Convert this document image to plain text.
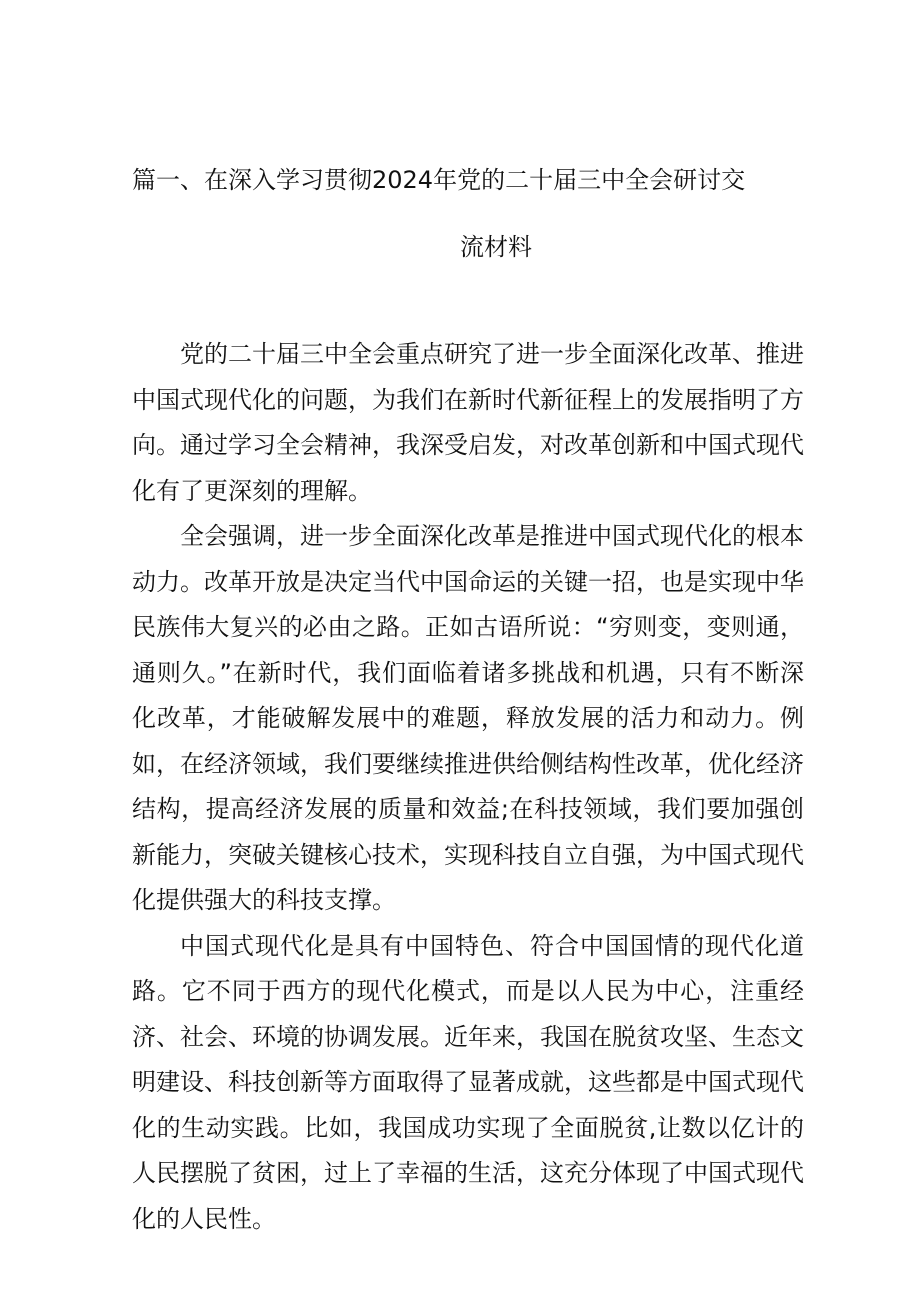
篇一、在深入学习贯彻2024年党的二十届三中全会研讨交
流材料

党的二十届三中全会重点研究了进一步全面深化改革、推进中国式现代化的问题，为我们在新时代新征程上的发展指明了方向。通过学习全会精神，我深受启发，对改革创新和中国式现代化有了更深刻的理解。

全会强调，进一步全面深化改革是推进中国式现代化的根本动力。改革开放是决定当代中国命运的关键一招，也是实现中华民族伟大复兴的必由之路。正如古语所说：“穷则变，变则通，通则久。”在新时代，我们面临着诸多挑战和机遇，只有不断深化改革，才能破解发展中的难题，释放发展的活力和动力。例如，在经济领域，我们要继续推进供给侧结构性改革，优化经济结构，提高经济发展的质量和效益;在科技领域，我们要加强创新能力，突破关键核心技术，实现科技自立自强，为中国式现代化提供强大的科技支撑。

中国式现代化是具有中国特色、符合中国国情的现代化道路。它不同于西方的现代化模式，而是以人民为中心，注重经济、社会、环境的协调发展。近年来，我国在脱贫攻坚、生态文明建设、科技创新等方面取得了显著成就，这些都是中国式现代化的生动实践。比如，我国成功实现了全面脱贫,让数以亿计的人民摆脱了贫困，过上了幸福的生活，这充分体现了中国式现代化的人民性。
